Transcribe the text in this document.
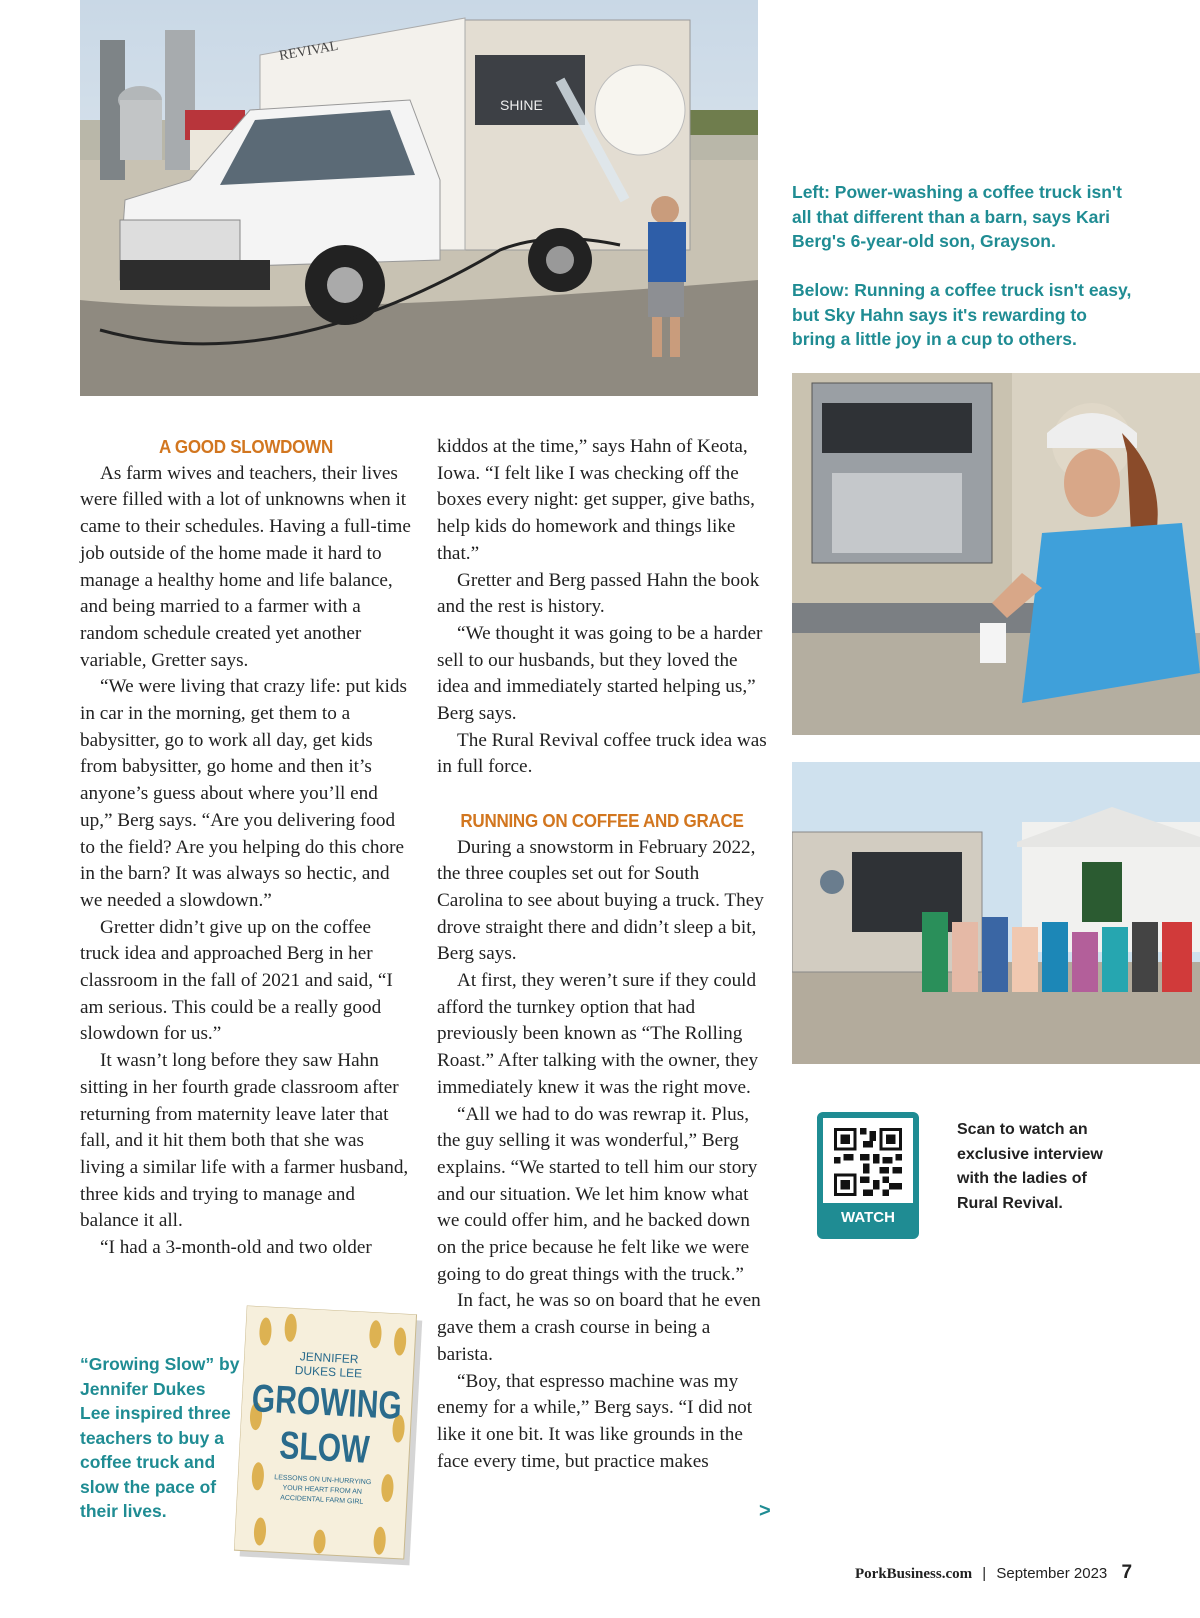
SHINE
REVIVAL

Left: Power-washing a coffee truck isn't all that different than a barn, says Kari Berg's 6-year-old son, Grayson.

Below: Running a coffee truck isn't easy, but Sky Hahn says it's rewarding to bring a little joy in a cup to others.

A GOOD SLOWDOWN

As farm wives and teachers, their lives were filled with a lot of unknowns when it came to their schedules. Having a full-time job outside of the home made it hard to manage a healthy home and life balance, and being married to a farmer with a random schedule created yet another variable, Gretter says.

“We were living that crazy life: put kids in car in the morning, get them to a babysitter, go to work all day, get kids from babysitter, go home and then it’s anyone’s guess about where you’ll end up,” Berg says. “Are you delivering food to the field? Are you helping do this chore in the barn? It was always so hectic, and we needed a slowdown.”

Gretter didn’t give up on the coffee truck idea and approached Berg in her classroom in the fall of 2021 and said, “I am serious. This could be a really good slowdown for us.”

It wasn’t long before they saw Hahn sitting in her fourth grade classroom after returning from maternity leave later that fall, and it hit them both that she was living a similar life with a farmer husband, three kids and trying to manage and balance it all.

“I had a 3-month-old and two older

kiddos at the time,” says Hahn of Keota, Iowa. “I felt like I was checking off the boxes every night: get supper, give baths, help kids do homework and things like that.”

Gretter and Berg passed Hahn the book and the rest is history.

“We thought it was going to be a harder sell to our husbands, but they loved the idea and immediately started helping us,” Berg says.

The Rural Revival coffee truck idea was in full force.

RUNNING ON COFFEE AND GRACE

During a snowstorm in February 2022, the three couples set out for South Carolina to see about buying a truck. They drove straight there and didn’t sleep a bit, Berg says.

At first, they weren’t sure if they could afford the turnkey option that had previously been known as “The Rolling Roast.” After talking with the owner, they immediately knew it was the right move.

“All we had to do was rewrap it. Plus, the guy selling it was wonderful,” Berg explains. “We started to tell him our story and our situation. We let him know what we could offer him, and he backed down on the price because he felt like we were going to do great things with the truck.”

In fact, he was so on board that he even gave them a crash course in being a barista.

“Boy, that espresso machine was my enemy for a while,” Berg says. “I did not like it one bit. It was like grounds in the face every time, but practice makes

>

“Growing Slow” by Jennifer Dukes Lee inspired three teachers to buy a coffee truck and slow the pace of their lives.

JENNIFER
DUKES LEE
GROWING
SLOW
LESSONS ON UN-HURRYING
YOUR HEART FROM AN
ACCIDENTAL FARM GIRL
WATCH VIDEO
Scan to watch an exclusive interview with the ladies of Rural Revival.
PorkBusiness.com | September 2023 7
